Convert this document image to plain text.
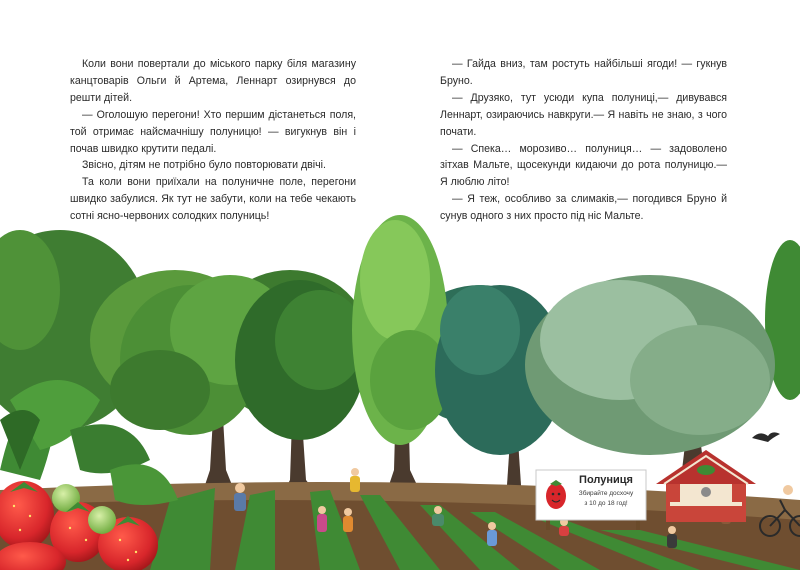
Полуниця
Збирайте досхочу
з 10 до 18 год!

Коли вони повертали до міського парку біля магазину канцтоварів Ольги й Артема, Леннарт озирнувся до решти дітей.

— Оголошую перегони! Хто першим дістанеться поля, той отримає найсмачнішу полуницю! — вигукнув він і почав швидко крутити педалі.

Звісно, дітям не потрібно було повторювати двічі.

Та коли вони приїхали на полуничне поле, перегони швидко забулися. Як тут не забути, коли на тебе чекають сотні ясно-червоних солодких полуниць!

— Гайда вниз, там ростуть найбільші ягоди! — гукнув Бруно.

— Друзяко, тут усюди купа полуниці,— дивувався Леннарт, озираючись навкруги.— Я навіть не знаю, з чого почати.

— Спека… морозиво… полуниця… — задоволено зітхав Мальте, щосекунди кидаючи до рота полуницю.— Я люблю літо!

— Я теж, особливо за слимаків,— погодився Бруно й сунув одного з них просто під ніс Мальте.
